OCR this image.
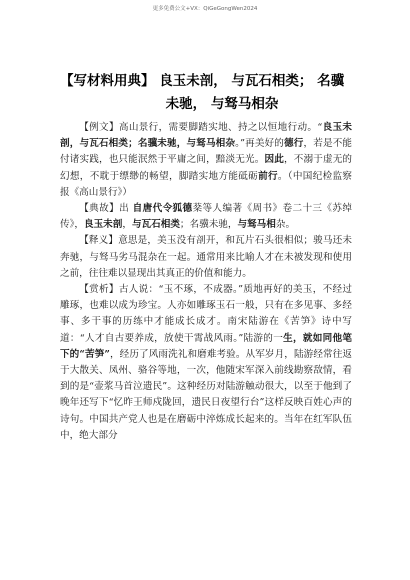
更多免费公文+VX：QiGeGongWen2024
【写材料用典】 良玉未剖， 与瓦石相类； 名骥
未驰， 与驽马相杂

【例文】高山景行，需要脚踏实地、持之以恒地行动。“良玉未剖，与瓦石相类；名骥未驰，与驽马相杂。”再美好的德行，若是不能付诸实践，也只能泯然于平庸之间，黯淡无光。因此，不溺于虚无的幻想，不耽于缥缈的畅望，脚踏实地方能砥砺前行。（中国纪检监察报《高山景行》）

【典故】出 自唐代令狐德棻等人编著《周书》卷二十三《苏绰传》，良玉未剖，与瓦石相类；名骥未驰，与驽马相杂。

【释义】意思是，美玉没有剖开，和瓦片石头很相似；骏马还未奔驰，与驽马劣马混杂在一起。通常用来比喻人才在未被发现和使用之前，往往难以显现出其真正的价值和能力。

【赏析】古人说：“玉不琢，不成器。”质地再好的美玉，不经过雕琢，也难以成为珍宝。人亦如雕琢玉石一般，只有在多见事、多经事、多干事的历练中才能成长成才。南宋陆游在《苦笋》诗中写道：“人才自古要养成，放使干霄战风雨。”陆游的一生，就如同他笔下的“苦笋”，经历了风雨洗礼和磨难考验。从军岁月，陆游经常往返于大散关、凤州、骆谷等地，一次，他随宋军深入前线勘察敌情，看到的是“壶浆马首泣遗民”。这种经历对陆游触动很大，以至于他到了晚年还写下“忆昨王师戍陇回，遗民日夜望行台”这样反映百姓心声的诗句。中国共产党人也是在磨砺中淬炼成长起来的。当年在红军队伍中，绝大部分
